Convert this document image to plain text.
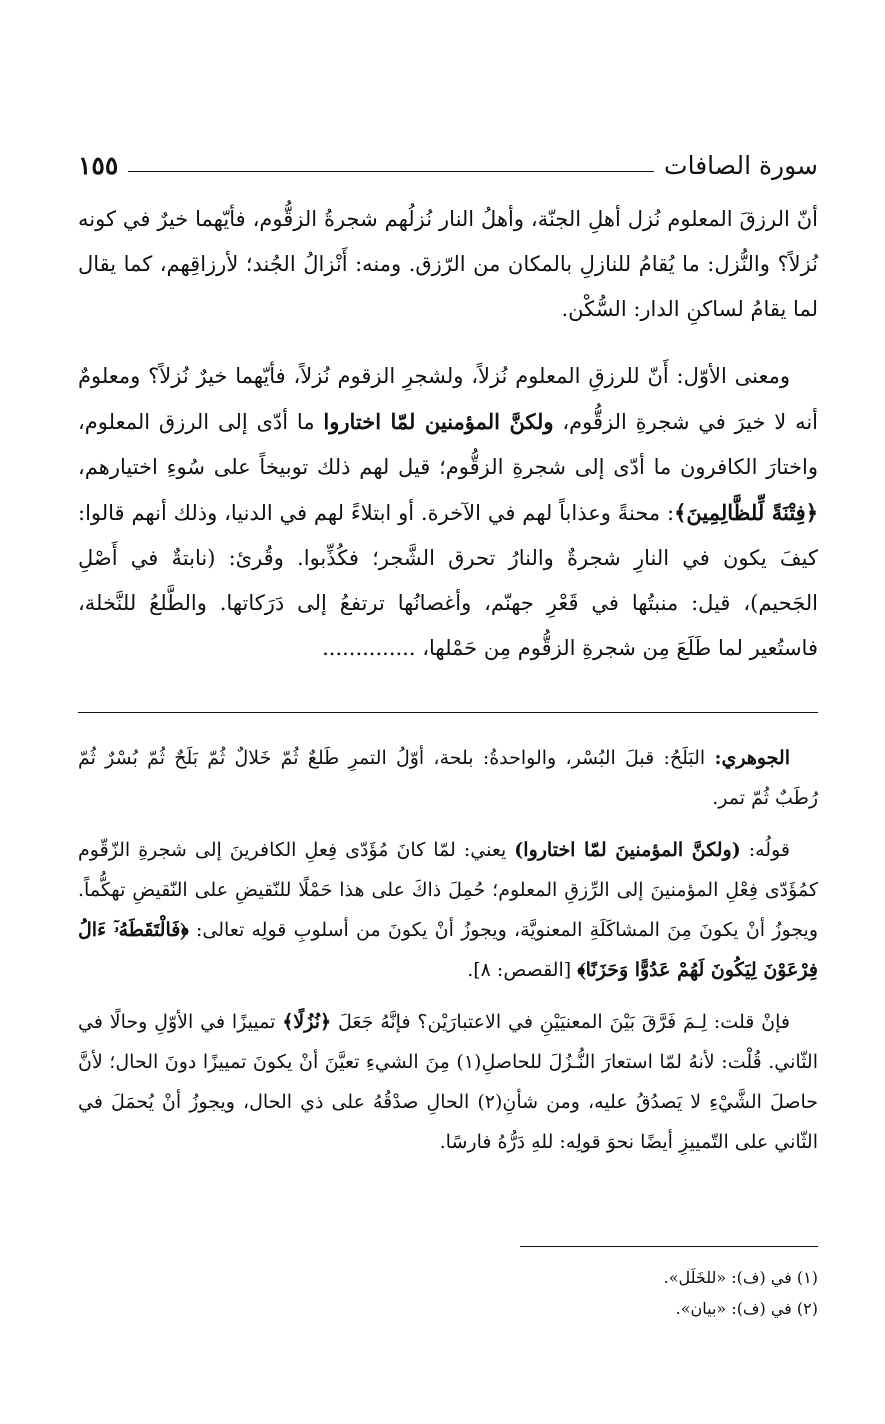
سورة الصافات
١٥٥

أنّ الرزقَ المعلوم نُزل أهلِ الجنّة، وأهلُ النار نُزلُهم شجرةُ الزقُّوم، فأيّهما خيرٌ في كونه نُزلاً؟ والنُّزل: ما يُقامُ للنازلِ بالمكان من الرّزق. ومنه: أَنْزالُ الجُند؛ لأرزاقِهم، كما يقال لما يقامُ لساكنِ الدار: السُّكْن.

ومعنى الأوّل: أَنّ للرزقِ المعلوم نُزلاً، ولشجرِ الزقوم نُزلاً، فأيّهما خيرٌ نُزلاً؟ ومعلومٌ أنه لا خيرَ في شجرةِ الزقُّوم، ولكنَّ المؤمنين لمّا اختاروا ما أدّى إلى الرزق المعلوم، واختارَ الكافرون ما أدّى إلى شجرةِ الزقُّوم؛ قيل لهم ذلك توبيخاً على سُوءِ اختيارهم، ﴿فِتْنَةً لِّلظَّالِمِينَ﴾: محنةً وعذاباً لهم في الآخرة. أو ابتلاءً لهم في الدنيا، وذلك أنهم قالوا: كيفَ يكون في النارِ شجرةٌ والنارُ تحرق الشَّجر؛ فكُذِّبوا. وقُرئ: (نابتةٌ في أَصْلِ الجَحيم)، قيل: منبتُها في قَعْرِ جهنّم، وأغصانُها ترتفعُ إلى دَرَكاتها. والطَّلعُ للنَّخلة، فاستُعير لما طَلَعَ مِن شجرةِ الزقُّوم مِن حَمْلها، ..............

الجوهري: البَلَحُ: قبلَ البُسْر، والواحدةُ: بلحة، أوّلُ التمرِ طَلعٌ ثُمّ خَلالٌ ثُمّ بَلَحٌ ثُمّ بُسْرٌ ثُمّ رُطَبٌ ثُمّ تمر.

قولُه: (ولكنَّ المؤمنينَ لمّا اختاروا) يعني: لمّا كانَ مُؤَدّى فِعلِ الكافرينَ إلى شجرةِ الزّقّوم كمُؤَدّى فِعْلِ المؤمنينَ إلى الرِّزقِ المعلوم؛ حُمِلَ ذاكَ على هذا حَمْلًا للنّقيضِ على النّقيضِ تهكُّماً. ويجوزُ أنْ يكونَ مِنَ المشاكَلَةِ المعنويَّة، ويجوزُ أنْ يكونَ من أسلوبِ قولِه تعالى: ﴿فَالْتَقَطَهُۥٓ ءَالُ فِرْعَوْنَ لِيَكُونَ لَهُمْ عَدُوًّا وَحَزَنًا﴾ [القصص: ٨].

فإنْ قلت: لِـمَ فَرَّقَ بَيْنَ المعنيَيْنِ في الاعتبارَيْن؟ فإنَّهُ جَعَلَ ﴿نُزُلًا﴾ تمييزًا في الأوّلِ وحالًا في الثّاني. قُلْت: لأنهُ لمّا استعارَ النُّـزُلَ للحاصلِ(١) مِنَ الشيءِ تعيَّنَ أنْ يكونَ تمييزًا دونَ الحال؛ لأنَّ حاصلَ الشَّيْءِ لا يَصدُقُ عليه، ومن شأنِ(٢) الحالِ صدْقُهُ على ذي الحال، ويجوزُ أنْ يُحمَلَ في الثّاني على التّمييزِ أيضًا نحوَ قولِه: للهِ دَرُّهُ فارسًا.

(١) في (ف): «للخَلَل».

(٢) في (ف): «بيان».
